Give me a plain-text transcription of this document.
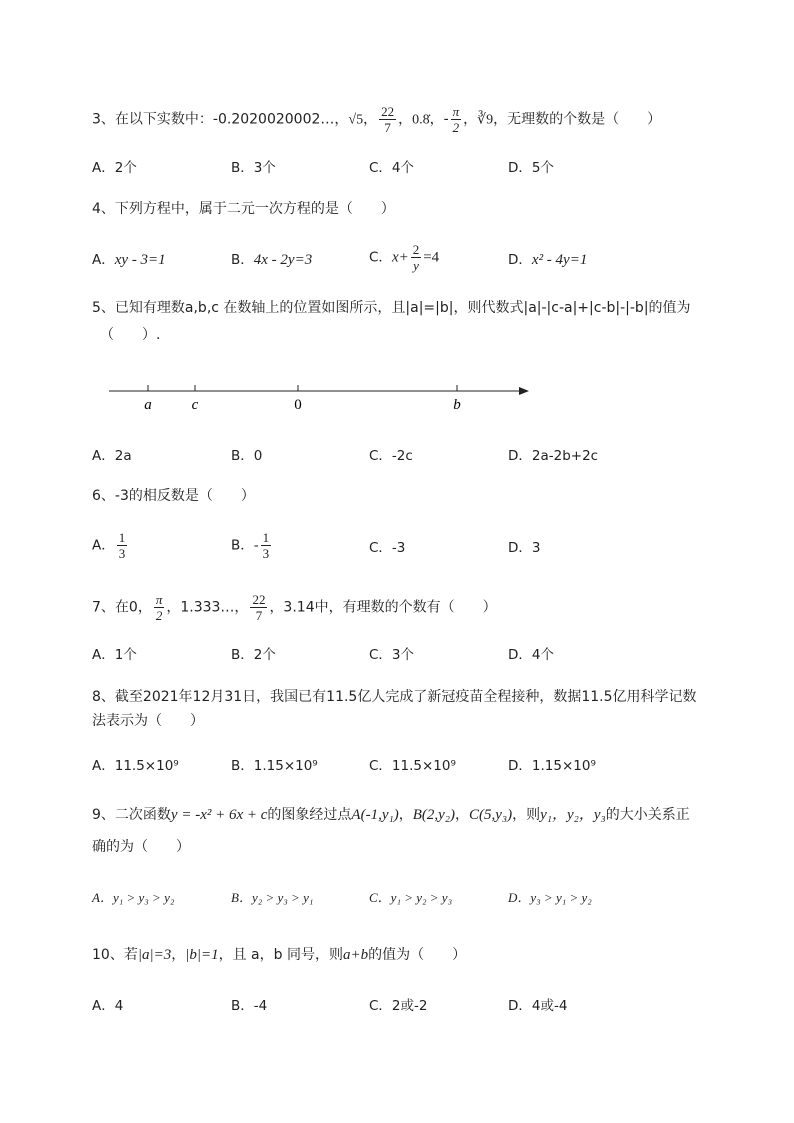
3、在以下实数中：-0.2020020002…，√5， $\frac{22}{7}$ ，0.8̇，- $\frac{\pi}{2}$ ，∛9，无理数的个数是（　　）
A．2个	B．3个	C．4个	D．5个
4、下列方程中，属于二元一次方程的是（　　）
A．xy - 3=1	B．4x - 2y=3	C．$x+ \frac{2}{y} =4$	D．x² - 4y=1
5、已知有理数a,b,c 在数轴上的位置如图所示，且|a|=|b|，则代数式|a|-|c-a|+|c-b|-|-b|的值为
（　　）.
a	c	0	b
A．2a	B．0	C．-2c	D．2a-2b+2c
6、-3的相反数是（　　）
A． $\frac{1}{3}$	B．- $\frac{1}{3}$	C．-3	D．3
7、在0， $\frac{\pi}{2}$ ，1.333…， $\frac{22}{7}$ ，3.14中，有理数的个数有（　　）
A．1个	B．2个	C．3个	D．4个
8、截至2021年12月31日，我国已有11.5亿人完成了新冠疫苗全程接种，数据11.5亿用科学记数
法表示为（　　）
A．11.5×10⁹	B．1.15×10⁹	C．11.5×10⁹	D．1.15×10⁹
9、二次函数y = -x² + 6x + c的图象经过点A(-1,y₁)，B(2,y₂)，C(5,y₃)，则y₁，y₂，y₃的大小关系正
确的为（　　）
A．y₁ > y₃ > y₂	B．y₂ > y₃ > y₁	C．y₁ > y₂ > y₃	D．y₃ > y₁ > y₂
10、若|a|=3，|b|=1，且 a，b 同号，则a+b的值为（　　）
A．4	B．-4	C．2或-2	D．4或-4
